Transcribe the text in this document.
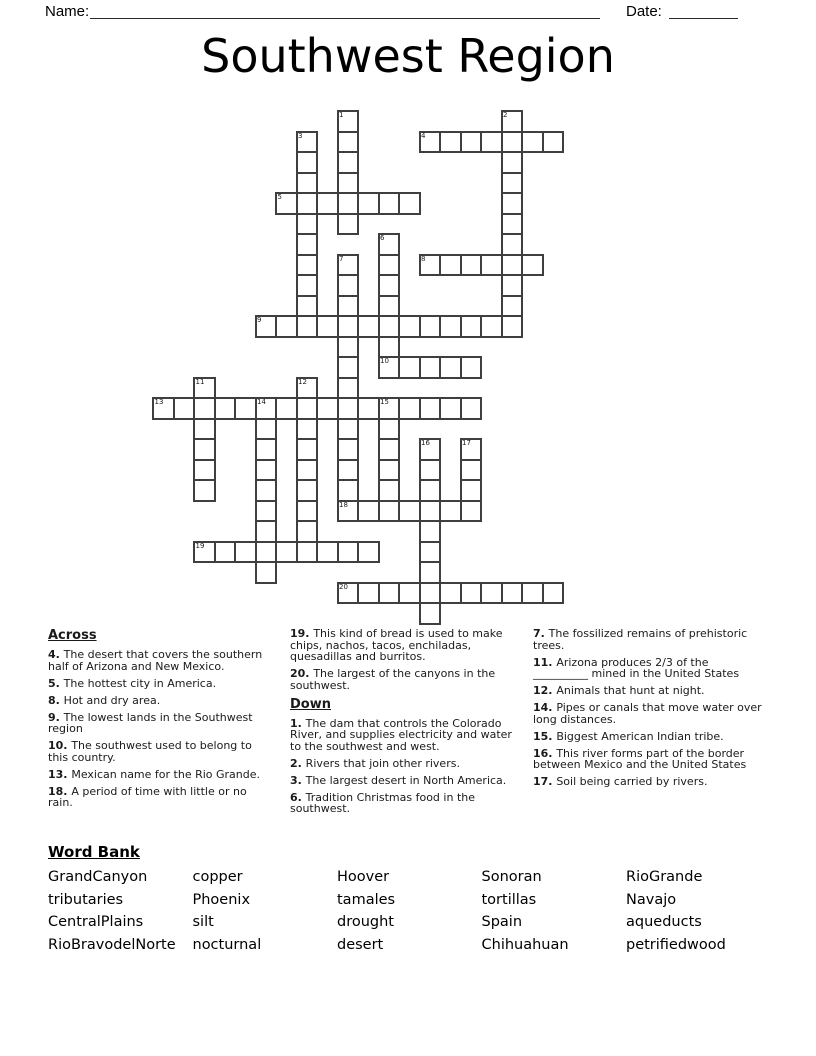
Name:	Date:
Southwest Region
1	2
3	4
5
6
7	8
9
10
11	12
13	14	15
16	17
18
19
20
Across

4. The desert that covers the southern half of Arizona and New Mexico.

5. The hottest city in America.

8. Hot and dry area.

9. The lowest lands in the Southwest region

10. The southwest used to belong to this country.

13. Mexican name for the Rio Grande.

18. A period of time with little or no rain.

19. This kind of bread is used to make chips, nachos, tacos, enchiladas, quesadillas and burritos.

20. The largest of the canyons in the southwest.

Down

1. The dam that controls the Colorado River, and supplies electricity and water to the southwest and west.

2. Rivers that join other rivers.

3. The largest desert in North America.

6. Tradition Christmas food in the southwest.

7. The fossilized remains of prehistoric trees.

11. Arizona produces 2/3 of the __________ mined in the United States

12. Animals that hunt at night.

14. Pipes or canals that move water over long distances.

15. Biggest American Indian tribe.

16. This river forms part of the border between Mexico and the United States

17. Soil being carried by rivers.

Word Bank
GrandCanyon	copper	Hoover	Sonoran	RioGrande
tributaries	Phoenix	tamales	tortillas	Navajo
CentralPlains	silt	drought	Spain	aqueducts
RioBravodelNorte	nocturnal	desert	Chihuahuan	petrifiedwood
